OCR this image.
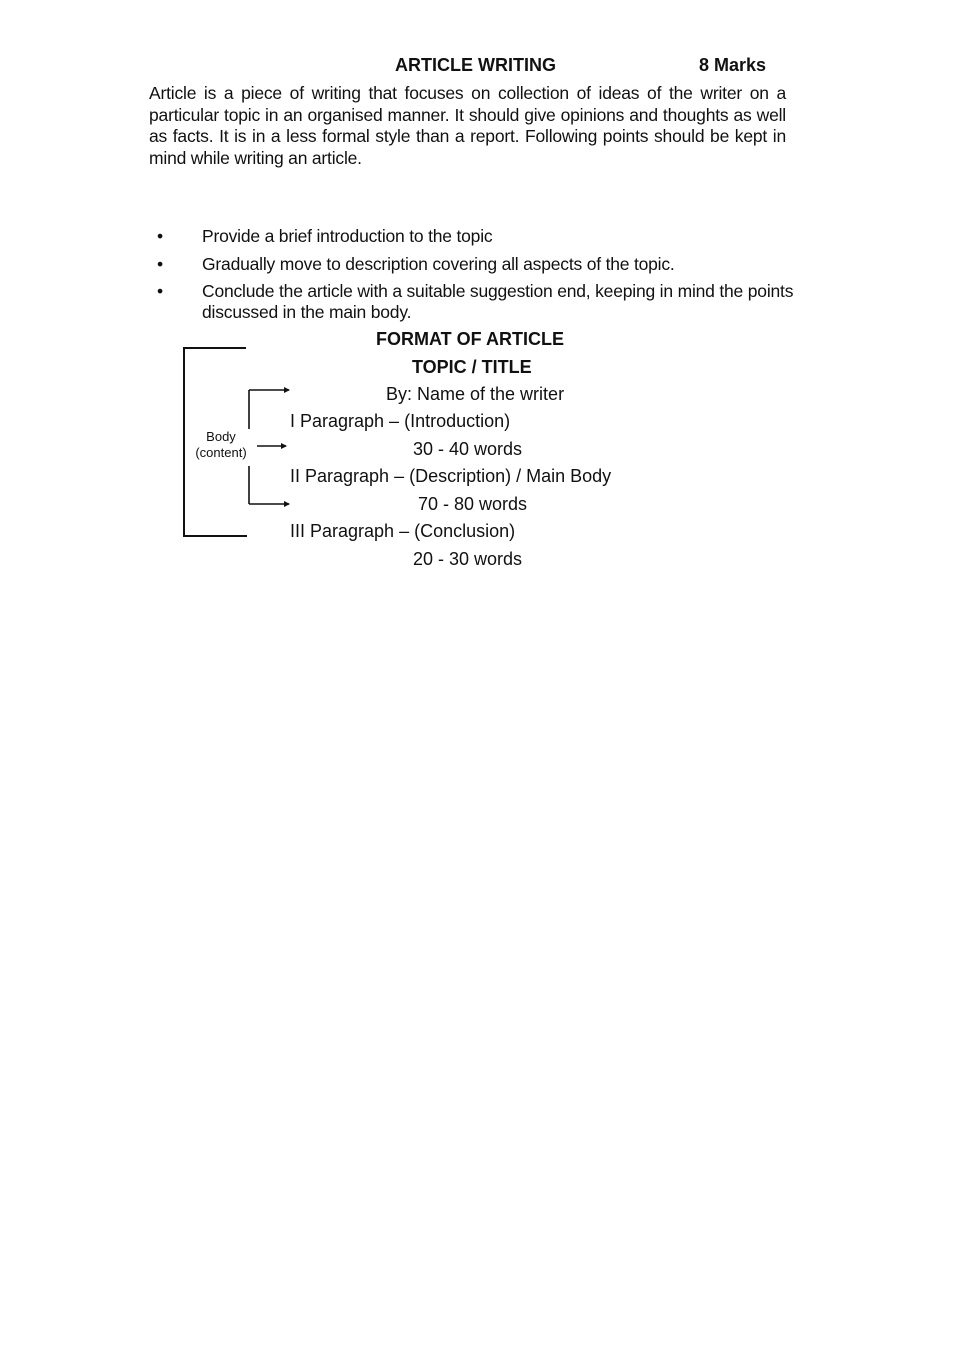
ARTICLE WRITING	8 Marks

Article is a piece of writing that focuses on collection of ideas of the writer on a particular topic in an organised manner. It should give opinions and thoughts as well as facts. It is in a less formal style than a report. Following points should be kept in mind while writing an article.

• Provide a brief introduction to the topic
• Gradually move to description covering all aspects of the topic.
• Conclude the article with a suitable suggestion end, keeping in mind the points discussed in the main body.
Body
(content)
FORMAT OF ARTICLE
TOPIC / TITLE
By: Name of the writer
I Paragraph – (Introduction)
30 - 40 words
II Paragraph – (Description) / Main Body
70 - 80 words
III Paragraph – (Conclusion)
20 - 30 words
